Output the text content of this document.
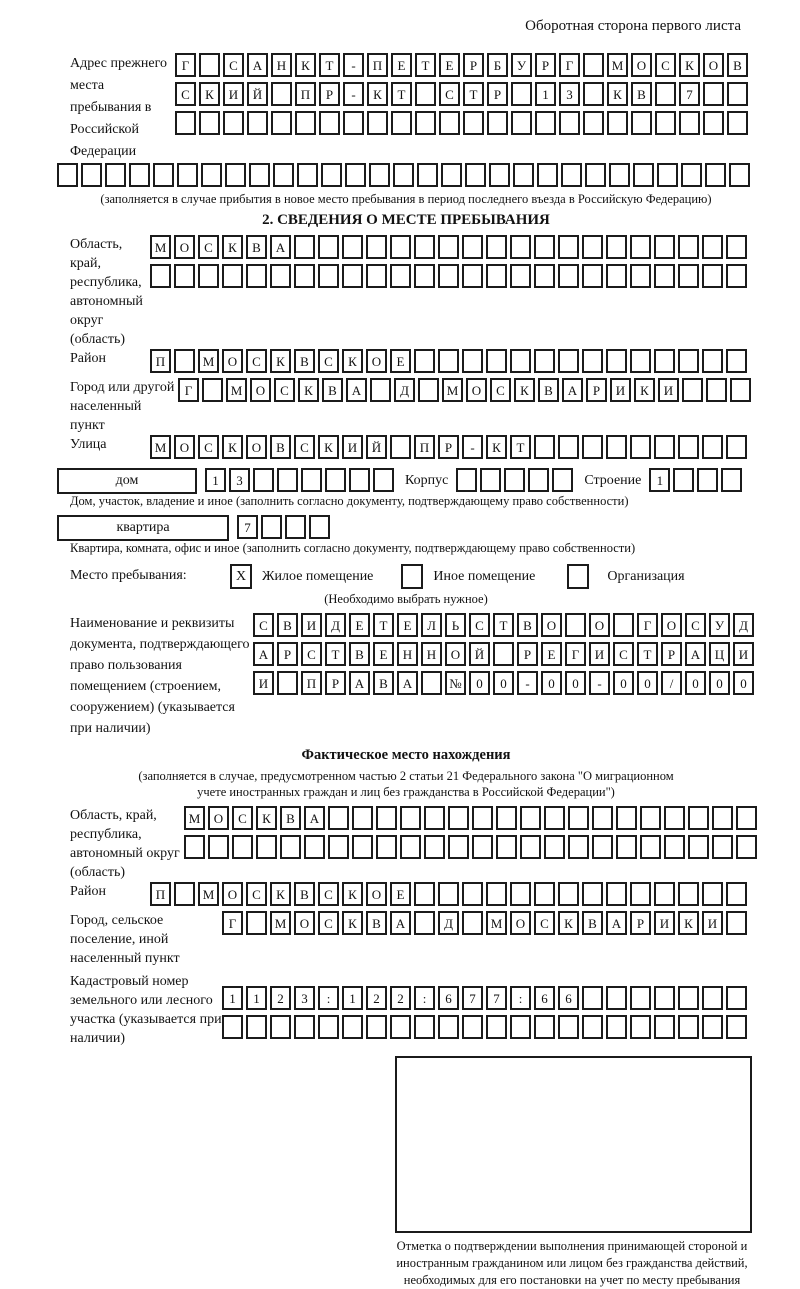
Оборотная сторона первого листа
Адрес прежнего места пребывания в Российской Федерации
Г	С	А	Н	К	Т	-	П	Е	Т	Е	Р	Б	У	Р	Г	М	О	С	К	О	В
С	К	И	Й	П	Р	-	К	Т	С	Т	Р	1	3	К	В	7
(заполняется в случае прибытия в новое место пребывания в период последнего въезда в Российскую Федерацию)
2. СВЕДЕНИЯ О МЕСТЕ ПРЕБЫВАНИЯ
Область, край, республика, автономный округ (область)
М	О	С	К	В	А
Район	П	М	О	С	К	В	С	К	О	Е
Город или другой населенный пункт
Г	М	О	С	К	В	А	Д	М	О	С	К	В	А	Р	И	К	И
Улица	М	О	С	К	О	В	С	К	И	Й	П	Р	-	К	Т
дом	1	3	Корпус	Строение	1
Дом, участок, владение и иное (заполнить согласно документу, подтверждающему право собственности)
квартира	7
Квартира, комната, офис и иное (заполнить согласно документу, подтверждающему право собственности)
Место пребывания:	X	Жилое помещение	Иное помещение	Организация
(Необходимо выбрать нужное)
Наименование и реквизиты документа, подтверждающего право пользования помещением (строением, сооружением) (указывается при наличии)
С	В	И	Д	Е	Т	Е	Л	Ь	С	Т	В	О	О	Г	О	С	У	Д
А	Р	С	Т	В	Е	Н	Н	О	Й	Р	Е	Г	И	С	Т	Р	А	Ц	И
И	П	Р	А	В	А	№	0	0	-	0	0	-	0	0	/	0	0	0
Фактическое место нахождения
(заполняется в случае, предусмотренном частью 2 статьи 21 Федерального закона "О миграционном учете иностранных граждан и лиц без гражданства в Российской Федерации")
Область, край, республика, автономный округ (область)
М	О	С	К	В	А
Район	П	М	О	С	К	В	С	К	О	Е
Город, сельское поселение, иной населенный пункт
Г	М	О	С	К	В	А	Д	М	О	С	К	В	А	Р	И	К	И
Кадастровый номер земельного или лесного участка (указывается при наличии)
1	1	2	3	:	1	2	2	:	6	7	7	:	6	6
Отметка о подтверждении выполнения принимающей стороной и иностранным гражданином или лицом без гражданства действий, необходимых для его постановки на учет по месту пребывания
